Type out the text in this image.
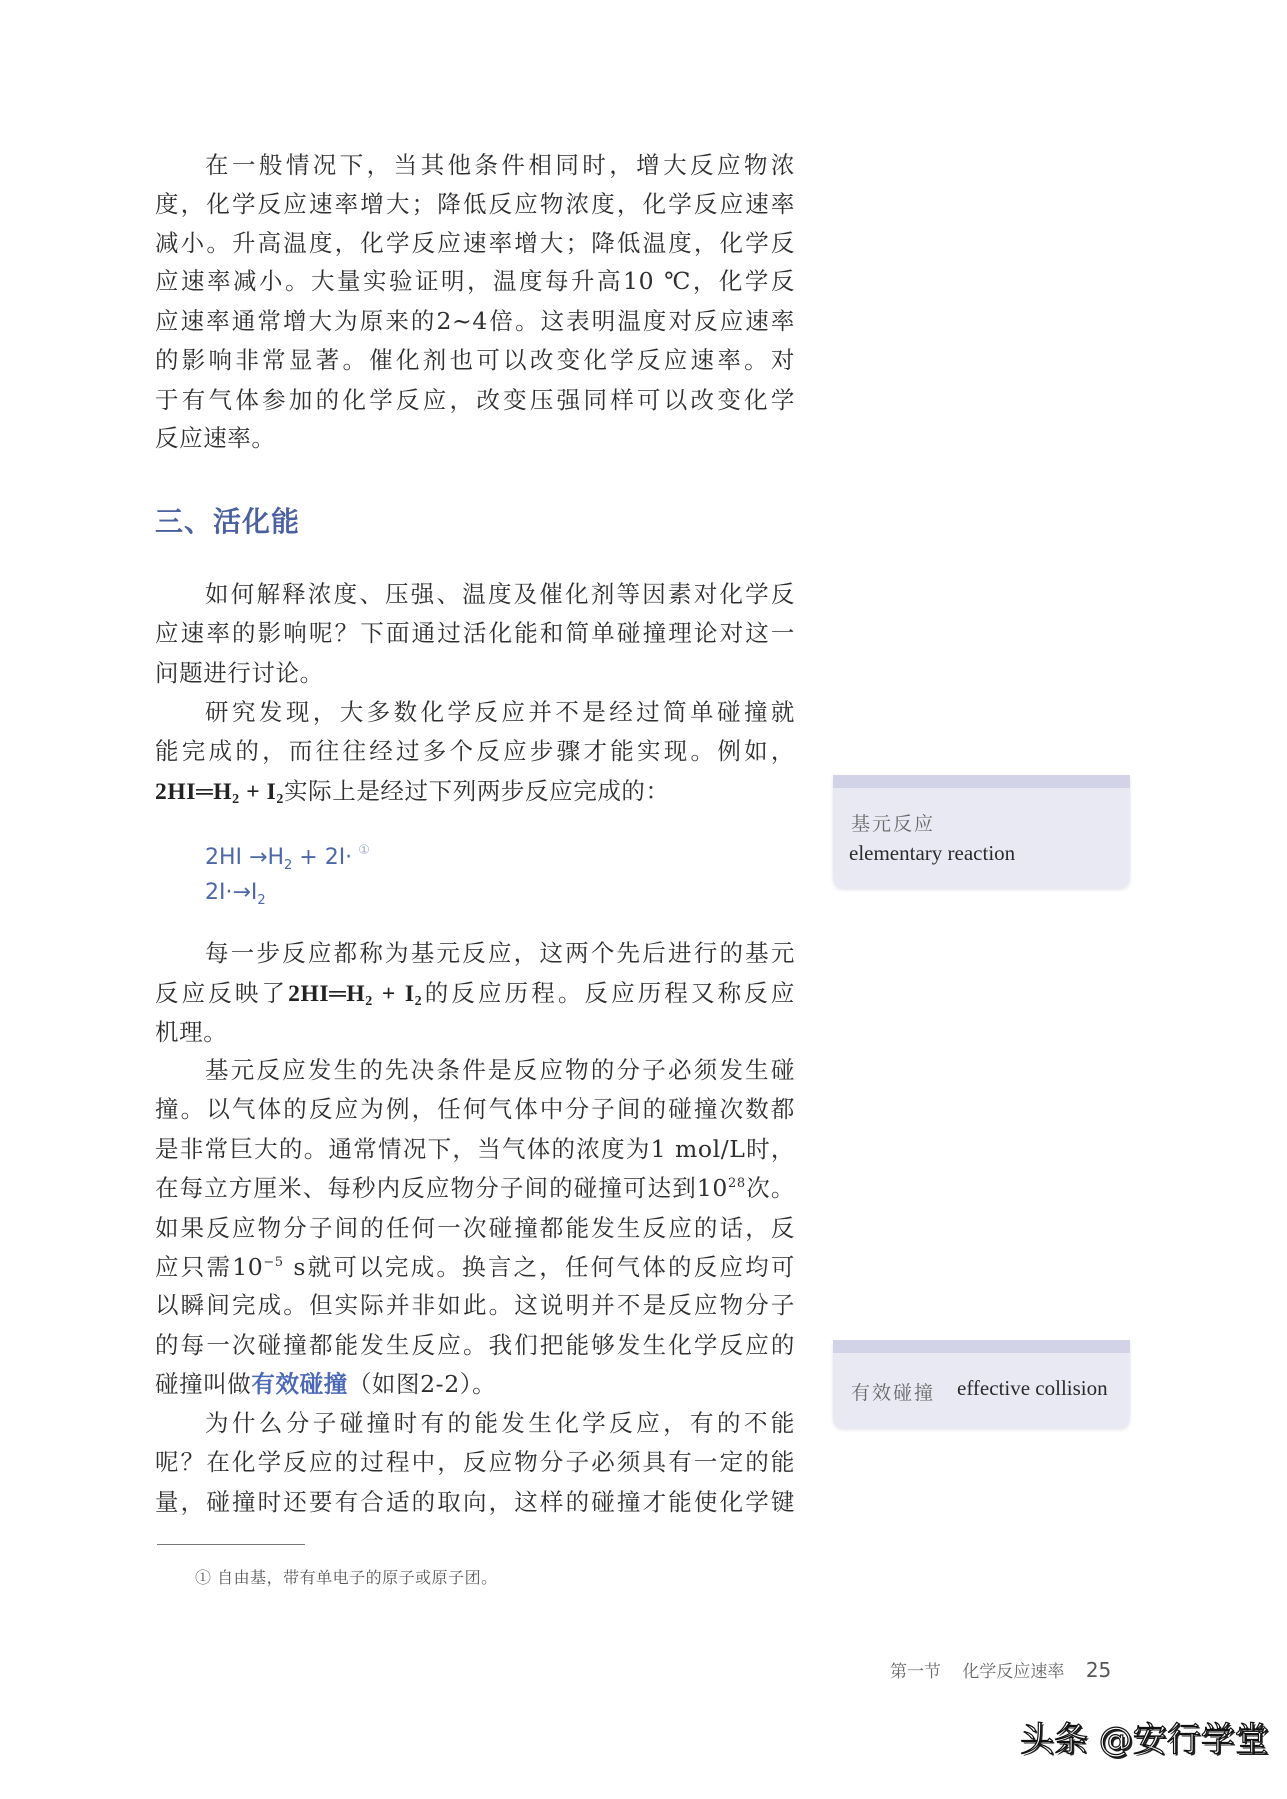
在一般情况下，当其他条件相同时，增大反应物浓
度，化学反应速率增大；降低反应物浓度，化学反应速率
减小。升高温度，化学反应速率增大；降低温度，化学反
应速率减小。大量实验证明，温度每升高10 ℃，化学反
应速率通常增大为原来的2~4倍。这表明温度对反应速率
的影响非常显著。催化剂也可以改变化学反应速率。对
于有气体参加的化学反应，改变压强同样可以改变化学
反应速率。
三、活化能
如何解释浓度、压强、温度及催化剂等因素对化学反
应速率的影响呢？下面通过活化能和简单碰撞理论对这一
问题进行讨论。
研究发现，大多数化学反应并不是经过简单碰撞就
能完成的，而往往经过多个反应步骤才能实现。例如，
$2HI═H_2 + I_2$实际上是经过下列两步反应完成的：
$2HI \to H_2 + 2I\cdot ^①$
$2I\cdot\to I_2$
每一步反应都称为基元反应，这两个先后进行的基元
反应反映了$2HI═H_2 + I_2$的反应历程。反应历程又称反应
机理。
基元反应发生的先决条件是反应物的分子必须发生碰
撞。以气体的反应为例，任何气体中分子间的碰撞次数都
是非常巨大的。通常情况下，当气体的浓度为1 mol/L时，
在每立方厘米、每秒内反应物分子间的碰撞可达到$10^{28}$次。
如果反应物分子间的任何一次碰撞都能发生反应的话，反
应只需$10^{-5}$ s就可以完成。换言之，任何气体的反应均可
以瞬间完成。但实际并非如此。这说明并不是反应物分子
的每一次碰撞都能发生反应。我们把能够发生化学反应的
碰撞叫做有效碰撞（如图2-2）。
为什么分子碰撞时有的能发生化学反应，有的不能
呢？在化学反应的过程中，反应物分子必须具有一定的能
量，碰撞时还要有合适的取向，这样的碰撞才能使化学键
基元反应
elementary reaction
有效碰撞 effective collision
① 自由基，带有单电子的原子或原子团。
第一节 化学反应速率 25
头条 @安行学堂
